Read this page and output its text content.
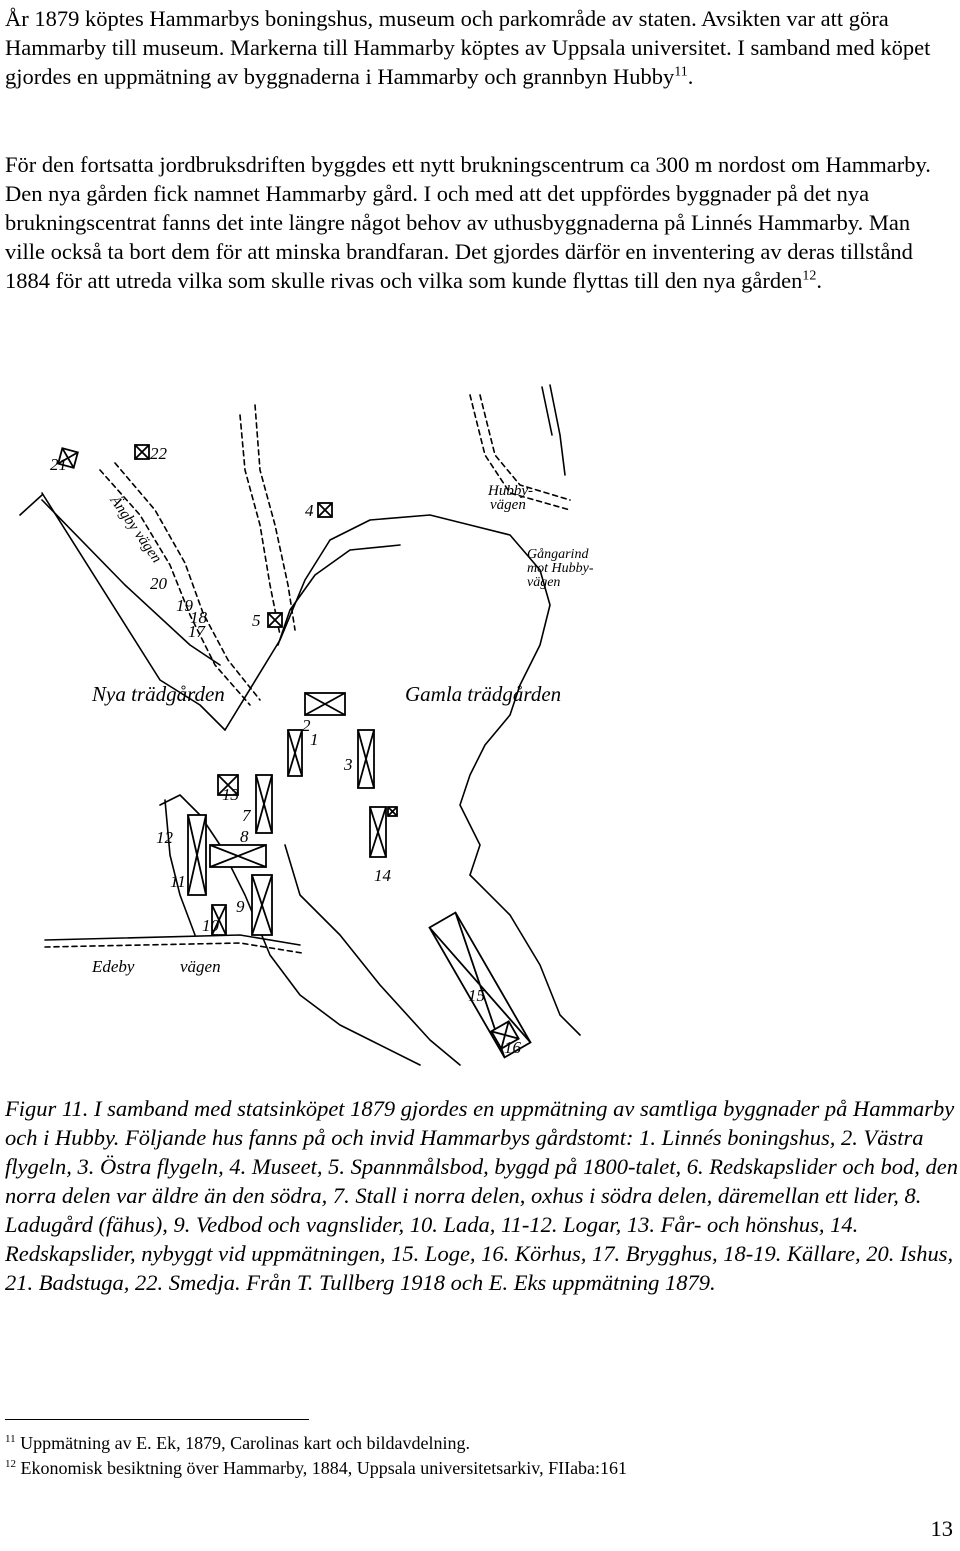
År 1879 köptes Hammarbys boningshus, museum och parkområde av staten. Avsikten var att göra Hammarby till museum. Markerna till Hammarby köptes av Uppsala universitet. I samband med köpet gjordes en uppmätning av byggnaderna i Hammarby och grannbyn Hubby$^{11}$.

För den fortsatta jordbruksdriften byggdes ett nytt brukningscentrum ca 300 m nordost om Hammarby. Den nya gården fick namnet Hammarby gård. I och med att det uppfördes byggnader på det nya brukningscentrat fanns det inte längre något behov av uthusbyggnaderna på Linnés Hammarby. Man ville också ta bort dem för att minska brandfaran. Det gjordes därför en inventering av deras tillstånd 1884 för att utreda vilka som skulle rivas och vilka som kunde flyttas till den nya gården$^{12}$.

Nya trädgården	Gamla trädgården
Hubby-
vägen
Gångarind
mot Hubby-
vägen
Ängby vägen
Edeby	vägen
1
2
3
4
5
7
8
9
10
11
12
13
14
15
16
17
18
19
20
21
22

Figur 11. I samband med statsinköpet 1879 gjordes en uppmätning av samtliga byggnader på Hammarby och i Hubby. Följande hus fanns på och invid Hammarbys gårdstomt: 1. Linnés boningshus, 2. Västra flygeln, 3. Östra flygeln, 4. Museet, 5. Spannmålsbod, byggd på 1800-talet, 6. Redskapslider och bod, den norra delen var äldre än den södra, 7. Stall i norra delen, oxhus i södra delen, däremellan ett lider, 8. Ladugård (fähus), 9. Vedbod och vagnslider, 10. Lada, 11-12. Logar, 13. Får- och hönshus, 14. Redskapslider, nybyggt vid uppmätningen, 15. Loge, 16. Körhus, 17. Brygghus, 18-19. Källare, 20. Ishus, 21. Badstuga, 22. Smedja. Från T. Tullberg 1918 och E. Eks uppmätning 1879.

$^{11}$ Uppmätning av E. Ek, 1879, Carolinas kart och bildavdelning.

$^{12}$ Ekonomisk besiktning över Hammarby, 1884, Uppsala universitetsarkiv, FIIaba:161

13
